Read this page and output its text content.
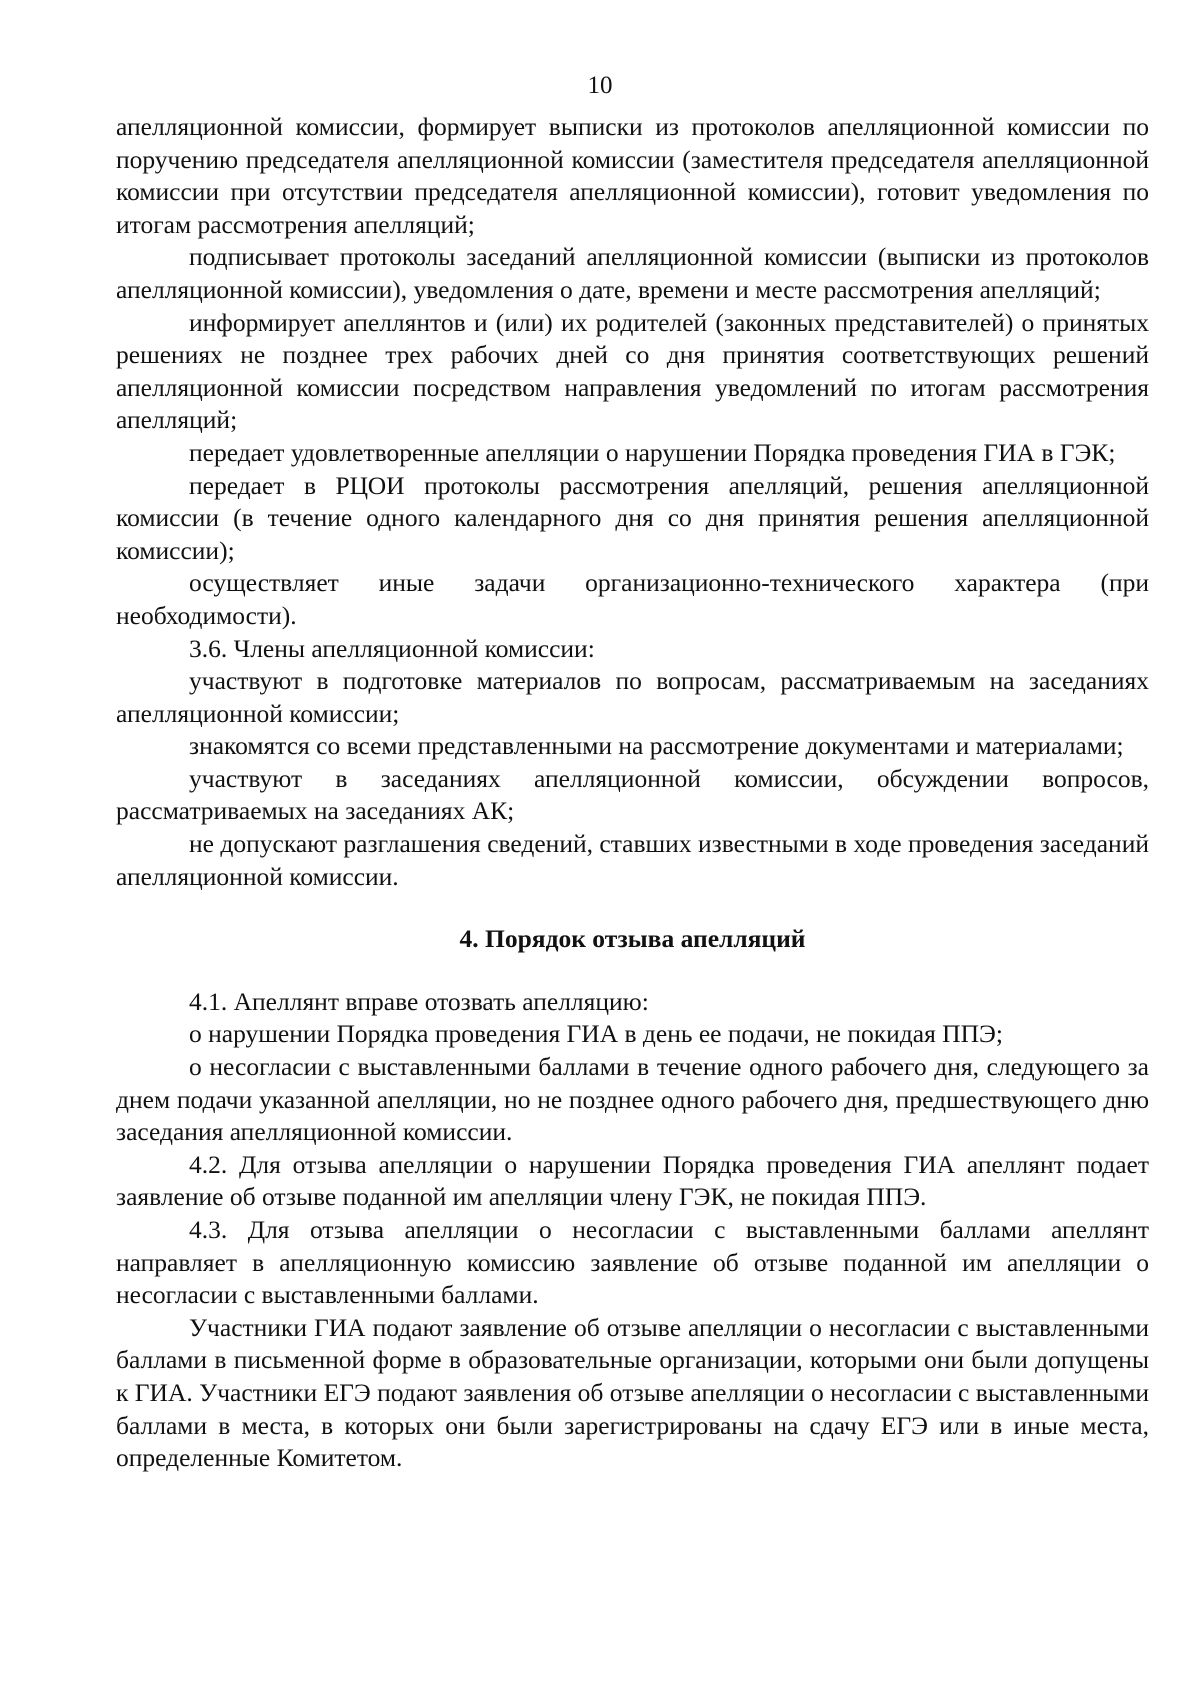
10

апелляционной комиссии, формирует выписки из протоколов апелляционной комиссии по поручению председателя апелляционной комиссии (заместителя председателя апелляционной комиссии при отсутствии председателя апелляционной комиссии), готовит уведомления по итогам рассмотрения апелляций;

подписывает протоколы заседаний апелляционной комиссии (выписки из протоколов апелляционной комиссии), уведомления о дате, времени и месте рассмотрения апелляций;

информирует апеллянтов и (или) их родителей (законных представителей) о принятых решениях не позднее трех рабочих дней со дня принятия соответствующих решений апелляционной комиссии посредством направления уведомлений по итогам рассмотрения апелляций;

передает удовлетворенные апелляции о нарушении Порядка проведения ГИА в ГЭК;

передает в РЦОИ протоколы рассмотрения апелляций, решения апелляционной комиссии (в течение одного календарного дня со дня принятия решения апелляционной комиссии);

осуществляет иные задачи организационно-технического характера (при необходимости).

3.6. Члены апелляционной комиссии:

участвуют в подготовке материалов по вопросам, рассматриваемым на заседаниях апелляционной комиссии;

знакомятся со всеми представленными на рассмотрение документами и материалами;

участвуют в заседаниях апелляционной комиссии, обсуждении вопросов, рассматриваемых на заседаниях АК;

не допускают разглашения сведений, ставших известными в ходе проведения заседаний апелляционной комиссии.

4. Порядок отзыва апелляций

4.1. Апеллянт вправе отозвать апелляцию:

о нарушении Порядка проведения ГИА в день ее подачи, не покидая ППЭ;

о несогласии с выставленными баллами в течение одного рабочего дня, следующего за днем подачи указанной апелляции, но не позднее одного рабочего дня, предшествующего дню заседания апелляционной комиссии.

4.2. Для отзыва апелляции о нарушении Порядка проведения ГИА апеллянт подает заявление об отзыве поданной им апелляции члену ГЭК, не покидая ППЭ.

4.3. Для отзыва апелляции о несогласии с выставленными баллами апеллянт направляет в апелляционную комиссию заявление об отзыве поданной им апелляции о несогласии с выставленными баллами.

Участники ГИА подают заявление об отзыве апелляции о несогласии с выставленными баллами в письменной форме в образовательные организации, которыми они были допущены к ГИА. Участники ЕГЭ подают заявления об отзыве апелляции о несогласии с выставленными баллами в места, в которых они были зарегистрированы на сдачу ЕГЭ или в иные места, определенные Комитетом.
